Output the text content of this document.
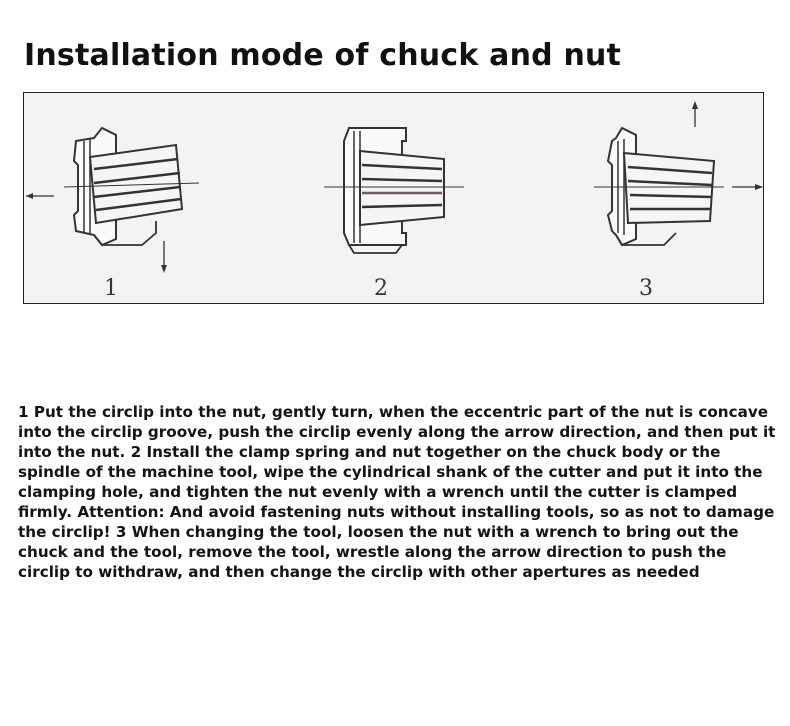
Installation mode of chuck and nut
1	2	3

1 Put the circlip into the nut, gently turn, when the eccentric part of the nut is concave into the circlip groove, push the circlip evenly along the arrow direction, and then put it into the nut. 2 Install the clamp spring and nut together on the chuck body or the spindle of the machine tool, wipe the cylindrical shank of the cutter and put it into the clamping hole, and tighten the nut evenly with a wrench until the cutter is clamped firmly. Attention: And avoid fastening nuts without installing tools, so as not to damage the circlip! 3 When changing the tool, loosen the nut with a wrench to bring out the chuck and the tool, remove the tool, wrestle along the arrow direction to push the circlip to withdraw, and then change the circlip with other apertures as needed
